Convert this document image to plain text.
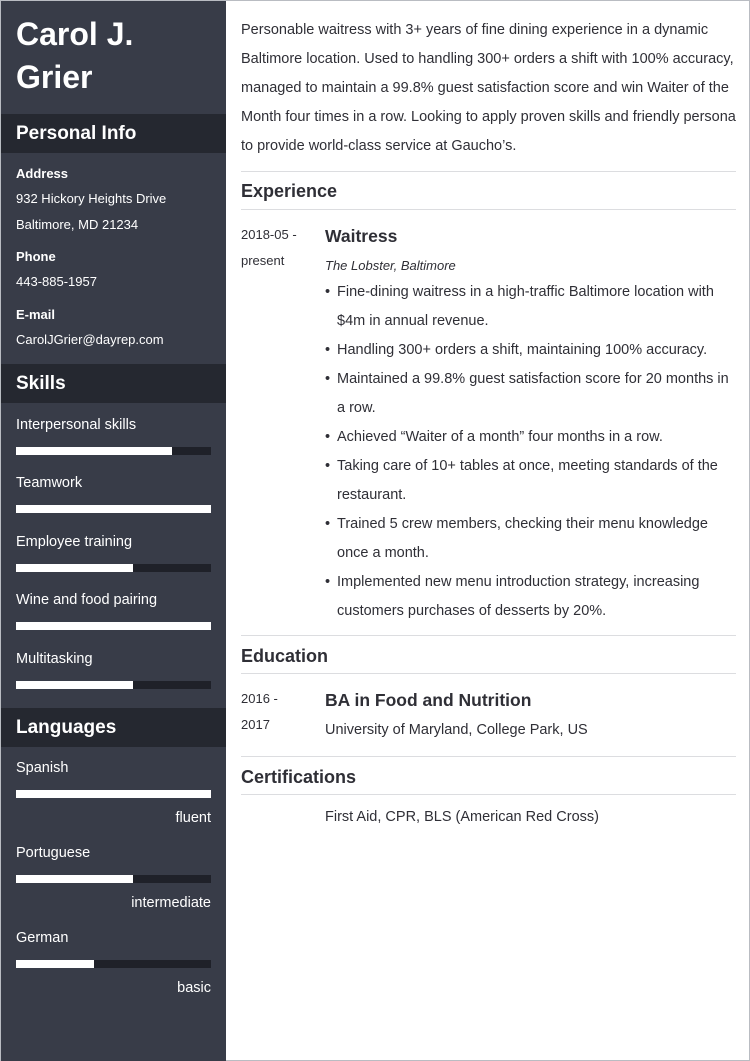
Carol J. Grier
Personal Info
Address
932 Hickory Heights Drive
Baltimore, MD 21234
Phone
443-885-1957
E-mail
CarolJGrier@dayrep.com
Skills
Interpersonal skills
Teamwork
Employee training
Wine and food pairing
Multitasking
Languages
Spanish
fluent
Portuguese
intermediate
German
basic

Personable waitress with 3+ years of fine dining experience in a dynamic Baltimore location. Used to handling 300+ orders a shift with 100% accuracy, managed to maintain a 99.8% guest satisfaction score and win Waiter of the Month four times in a row. Looking to apply proven skills and friendly persona to provide world-class service at Gaucho’s.

Experience
2018-05 -
present
Waitress
The Lobster, Baltimore
• Fine-dining waitress in a high-traffic Baltimore location with $4m in annual revenue.
• Handling 300+ orders a shift, maintaining 100% accuracy.
• Maintained a 99.8% guest satisfaction score for 20 months in a row.
• Achieved “Waiter of a month” four months in a row.
• Taking care of 10+ tables at once, meeting standards of the restaurant.
• Trained 5 crew members, checking their menu knowledge once a month.
• Implemented new menu introduction strategy, increasing customers purchases of desserts by 20%.
Education
2016 -
2017
BA in Food and Nutrition
University of Maryland, College Park, US
Certifications
First Aid, CPR, BLS (American Red Cross)
